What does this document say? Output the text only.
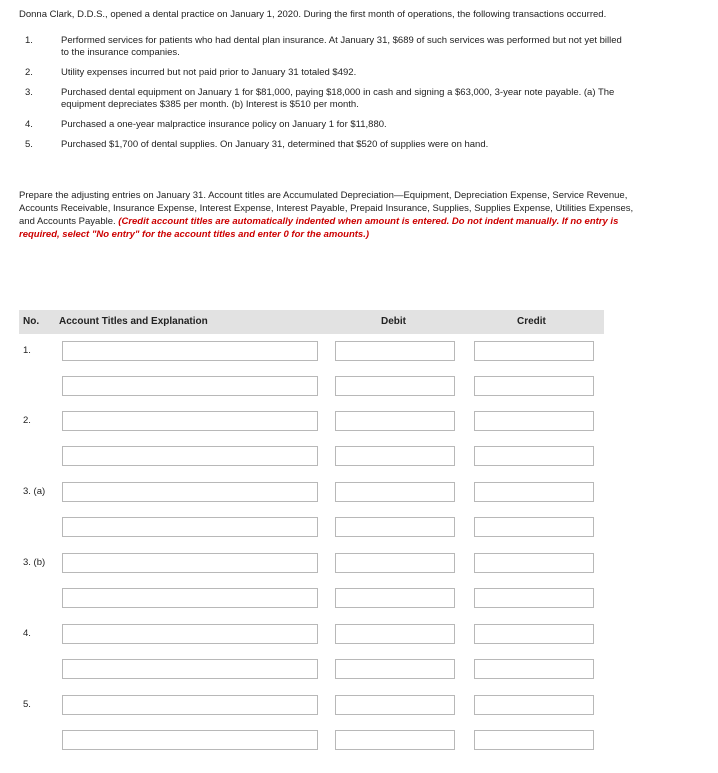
Donna Clark, D.D.S., opened a dental practice on January 1, 2020. During the first month of operations, the following transactions occurred.
1.	Performed services for patients who had dental plan insurance. At January 31, $689 of such services was performed but not yet billed to the insurance companies.
2.	Utility expenses incurred but not paid prior to January 31 totaled $492.
3.	Purchased dental equipment on January 1 for $81,000, paying $18,000 in cash and signing a $63,000, 3-year note payable. (a) The equipment depreciates $385 per month. (b) Interest is $510 per month.
4.	Purchased a one-year malpractice insurance policy on January 1 for $11,880.
5.	Purchased $1,700 of dental supplies. On January 31, determined that $520 of supplies were on hand.
Prepare the adjusting entries on January 31. Account titles are Accumulated Depreciation—Equipment, Depreciation Expense, Service Revenue, Accounts Receivable, Insurance Expense, Interest Expense, Interest Payable, Prepaid Insurance, Supplies, Supplies Expense, Utilities Expenses, and Accounts Payable. (Credit account titles are automatically indented when amount is entered. Do not indent manually. If no entry is required, select "No entry" for the account titles and enter 0 for the amounts.)
No. Account Titles and Explanation	Debit	Credit
1.
2.
3. (a)
3. (b)
4.
5.
